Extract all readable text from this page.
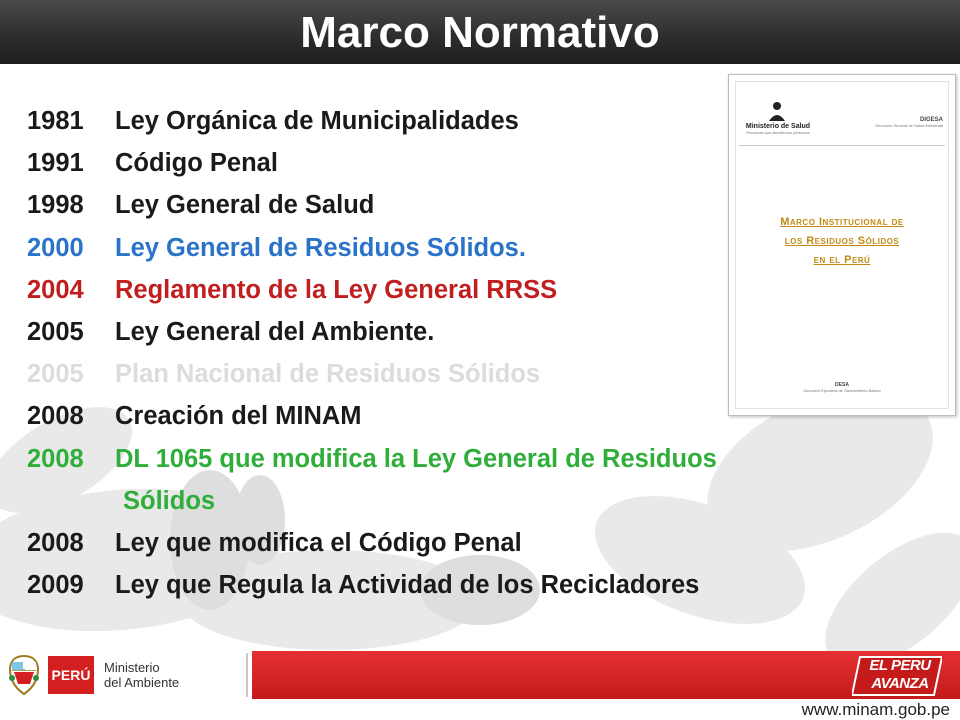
Marco Normativo
Ministerio de Salud
Personas que atendemos personas
DIGESA
Dirección General de Salud Ambiental
Marco Institucional de
los Residuos Sólidos
en el Perú
DESA
Dirección Ejecutiva de Saneamiento Básico
1981 Ley Orgánica de Municipalidades
1991 Código Penal
1998 Ley General de Salud
2000 Ley General de Residuos Sólidos.
2004 Reglamento de la Ley General RRSS
2005 Ley General del Ambiente.
2005 Plan Nacional de Residuos Sólidos
2008 Creación del MINAM
2008 DL 1065 que modifica la Ley General de Residuos
Sólidos
2008 Ley que modifica el Código Penal
2009 Ley que Regula la Actividad de los Recicladores
PERÚ Ministerio
del Ambiente
EL PERU
AVANZA
www.minam.gob.pe
